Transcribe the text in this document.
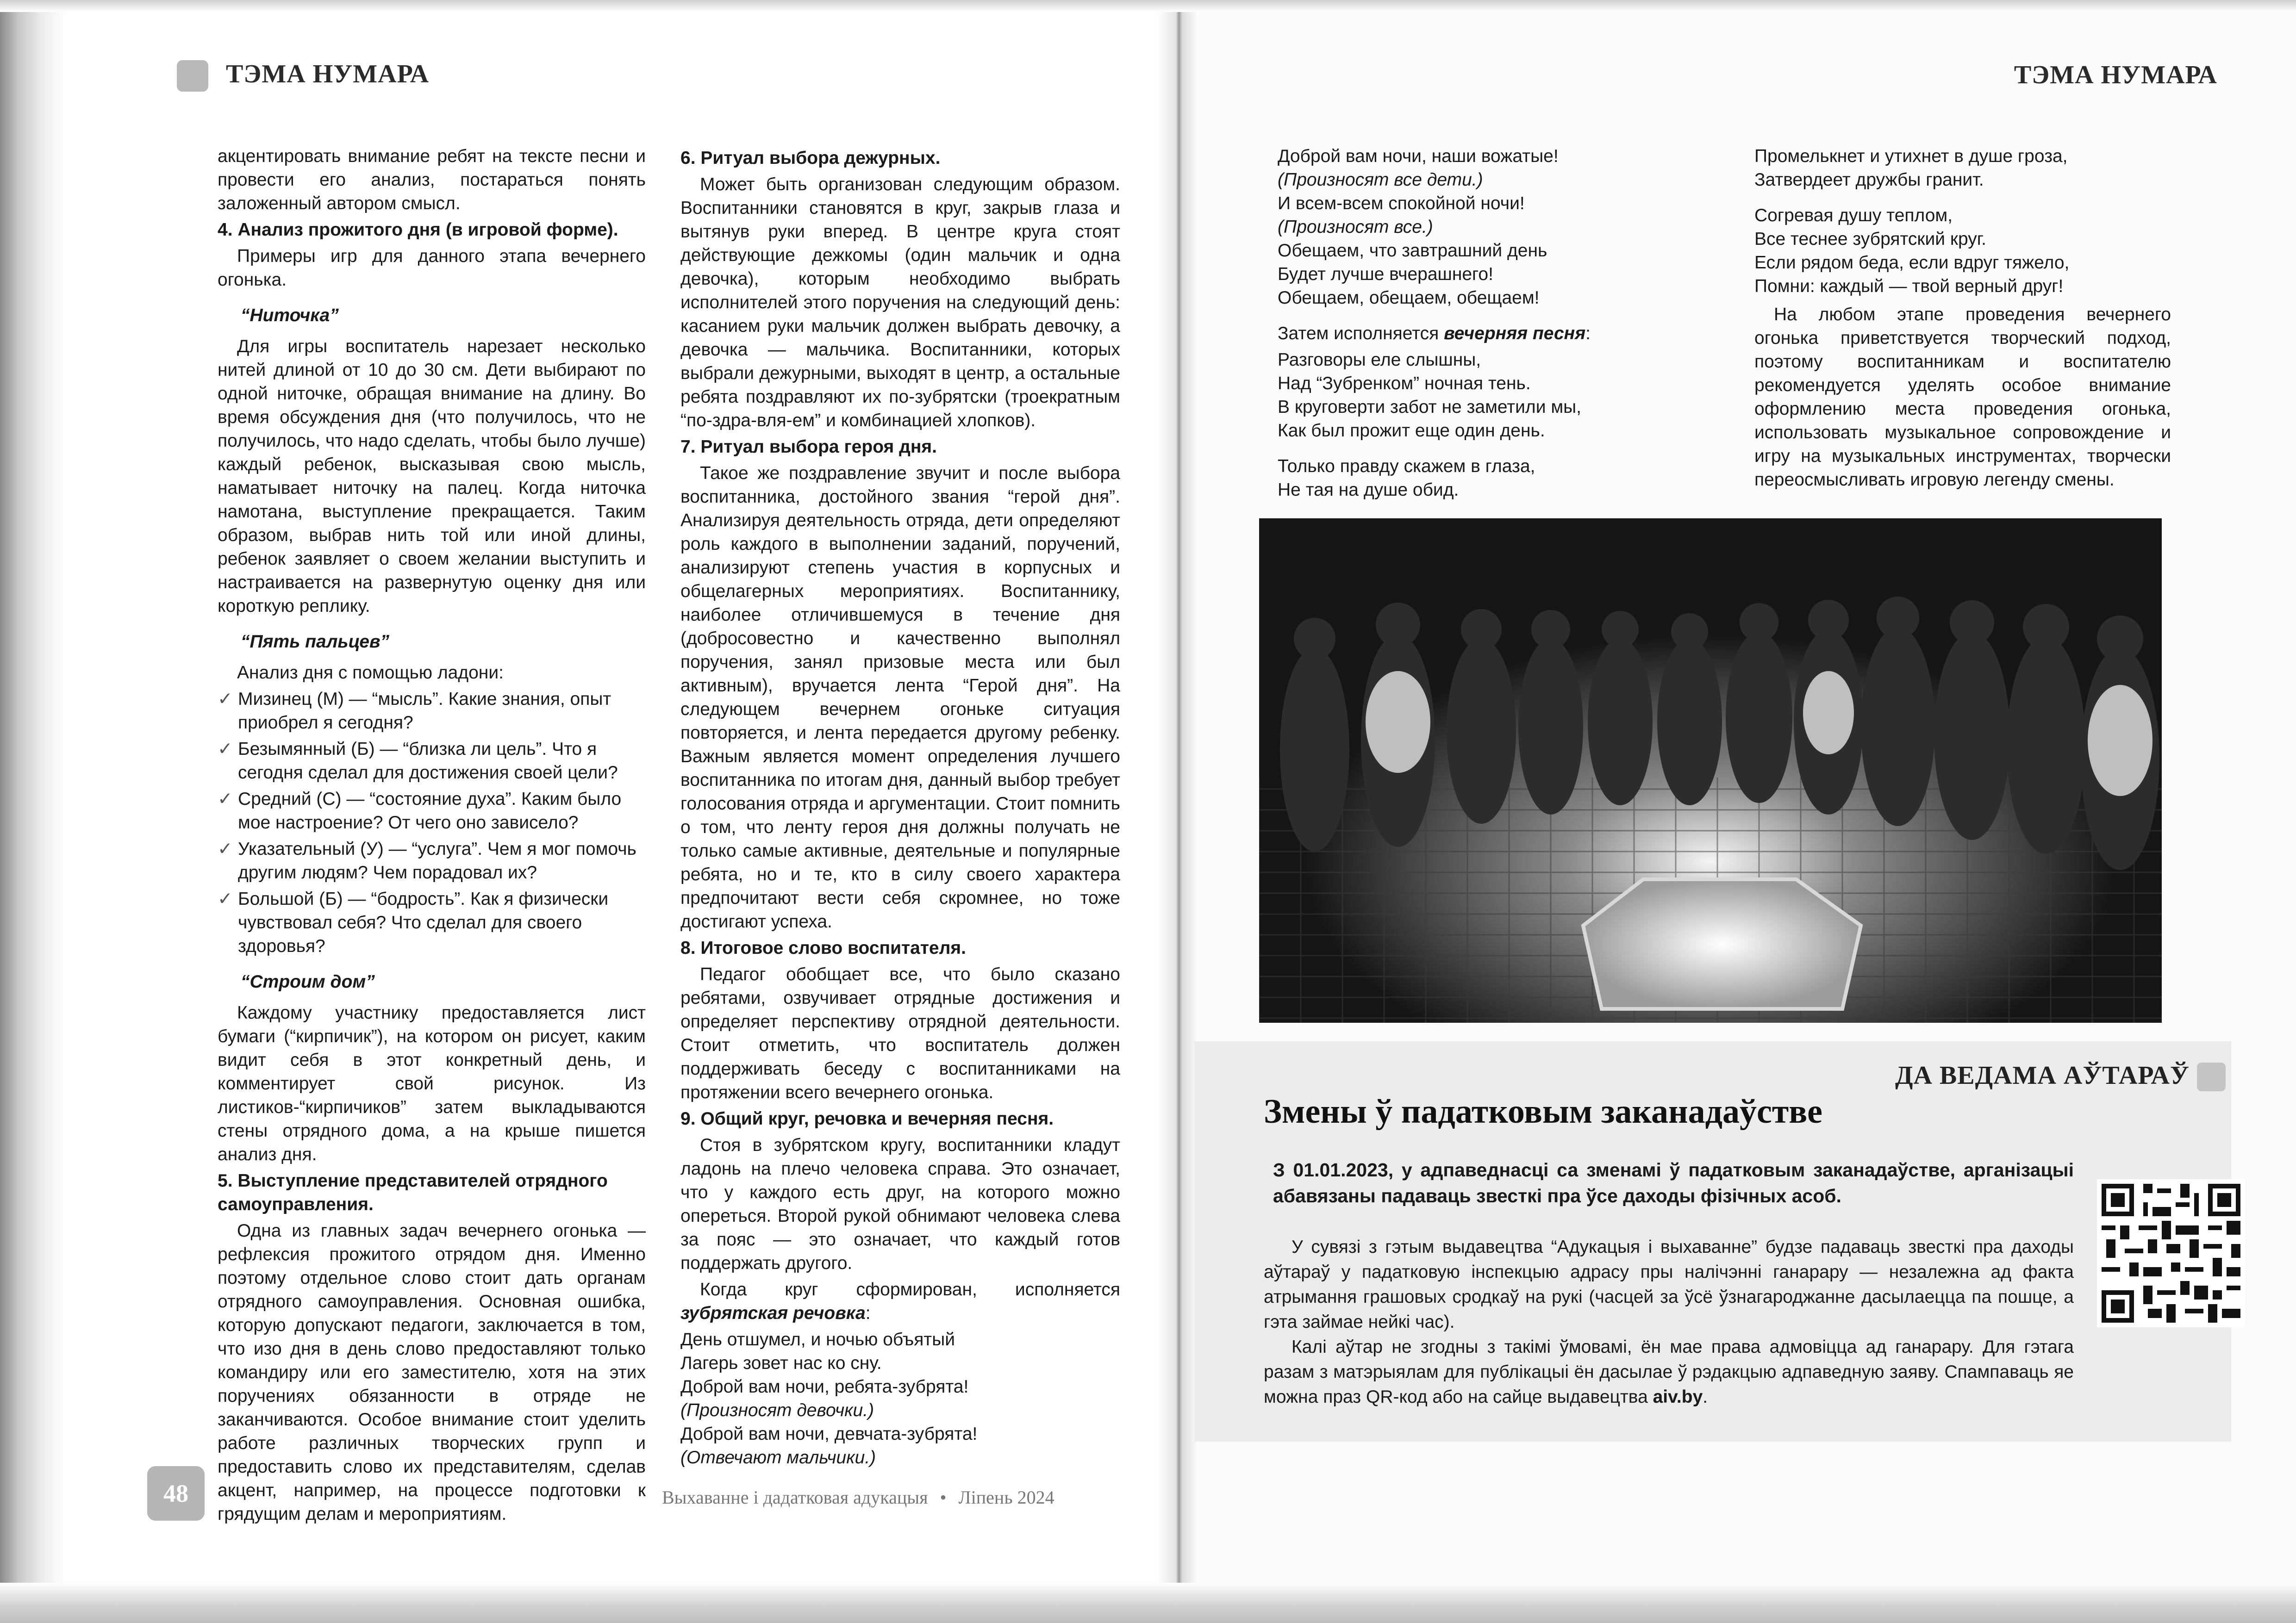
ТЭМА НУМАРА

акцентировать внимание ребят на тексте песни и провести его анализ, постараться понять заложенный автором смысл.

4. Анализ прожитого дня (в игровой форме).

Примеры игр для данного этапа вечернего огонька.

“Ниточка”

Для игры воспитатель нарезает несколько нитей длиной от 10 до 30 см. Дети выбирают по одной ниточке, обращая внимание на длину. Во время обсуждения дня (что получилось, что не получилось, что надо сделать, чтобы было лучше) каждый ребенок, высказывая свою мысль, наматывает ниточку на палец. Когда ниточка намотана, выступление прекращается. Таким образом, выбрав нить той или иной длины, ребенок заявляет о своем желании выступить и настраивается на развернутую оценку дня или короткую реплику.

“Пять пальцев”

Анализ дня с помощью ладони:

✓ Мизинец (М) — “мысль”. Какие знания, опыт приобрел я сегодня?
✓ Безымянный (Б) — “близка ли цель”. Что я сегодня сделал для достижения своей цели?
✓ Средний (С) — “состояние духа”. Каким было мое настроение? От чего оно зависело?
✓ Указательный (У) — “услуга”. Чем я мог помочь другим людям? Чем порадовал их?
✓ Большой (Б) — “бодрость”. Как я физически чувствовал себя? Что сделал для своего здоровья?

“Строим дом”

Каждому участнику предоставляется лист бумаги (“кирпичик”), на котором он рисует, каким видит себя в этот конкретный день, и комментирует свой рисунок. Из листиков-“кирпичиков” затем выкладываются стены отрядного дома, а на крыше пишется анализ дня.

5. Выступление представителей отрядного самоуправления.

Одна из главных задач вечернего огонька — рефлексия прожитого отрядом дня. Именно поэтому отдельное слово стоит дать органам отрядного самоуправления. Основная ошибка, которую допускают педагоги, заключается в том, что изо дня в день слово предоставляют только командиру или его заместителю, хотя на этих поручениях обязанности в отряде не заканчиваются. Особое внимание стоит уделить работе различных творческих групп и предоставить слово их представителям, сделав акцент, например, на процессе подготовки к грядущим делам и мероприятиям.

6. Ритуал выбора дежурных.

Может быть организован следующим образом. Воспитанники становятся в круг, закрыв глаза и вытянув руки вперед. В центре круга стоят действующие дежкомы (один мальчик и одна девочка), которым необходимо выбрать исполнителей этого поручения на следующий день: касанием руки мальчик должен выбрать девочку, а девочка — мальчика. Воспитанники, которых выбрали дежурными, выходят в центр, а остальные ребята поздравляют их по-зубрятски (троекратным “по-здра-вля-ем” и комбинацией хлопков).

7. Ритуал выбора героя дня.

Такое же поздравление звучит и после выбора воспитанника, достойного звания “герой дня”. Анализируя деятельность отряда, дети определяют роль каждого в выполнении заданий, поручений, анализируют степень участия в корпусных и общелагерных мероприятиях. Воспитаннику, наиболее отличившемуся в течение дня (добросовестно и качественно выполнял поручения, занял призовые места или был активным), вручается лента “Герой дня”. На следующем вечернем огоньке ситуация повторяется, и лента передается другому ребенку. Важным является момент определения лучшего воспитанника по итогам дня, данный выбор требует голосования отряда и аргументации. Стоит помнить о том, что ленту героя дня должны получать не только самые активные, деятельные и популярные ребята, но и те, кто в силу своего характера предпочитают вести себя скромнее, но тоже достигают успеха.

8. Итоговое слово воспитателя.

Педагог обобщает все, что было сказано ребятами, озвучивает отрядные достижения и определяет перспективу отрядной деятельности. Стоит отметить, что воспитатель должен поддерживать беседу с воспитанниками на протяжении всего вечернего огонька.

9. Общий круг, речовка и вечерняя песня.

Стоя в зубрятском кругу, воспитанники кладут ладонь на плечо человека справа. Это означает, что у каждого есть друг, на которого можно опереться. Второй рукой обнимают человека слева за пояс — это означает, что каждый готов поддержать другого.

Когда круг сформирован, исполняется зубрятская речовка:

День отшумел, и ночью объятый
Лагерь зовет нас ко сну.
Доброй вам ночи, ребята-зубрята!
(Произносят девочки.)
Доброй вам ночи, девчата-зубрята!
(Отвечают мальчики.)
48	Выхаванне і дадатковая адукацыя • Ліпень 2024
ТЭМА НУМАРА
Доброй вам ночи, наши вожатые!
(Произносят все дети.)
И всем-всем спокойной ночи!
(Произносят все.)
Обещаем, что завтрашний день
Будет лучше вчерашнего!
Обещаем, обещаем, обещаем!

Затем исполняется вечерняя песня:

Разговоры еле слышны,
Над “Зубренком” ночная тень.
В круговерти забот не заметили мы,
Как был прожит еще один день.
Только правду скажем в глаза,
Не тая на душе обид.
Промелькнет и утихнет в душе гроза,
Затвердеет дружбы гранит.
Согревая душу теплом,
Все теснее зубрятский круг.
Если рядом беда, если вдруг тяжело,
Помни: каждый — твой верный друг!

На любом этапе проведения вечернего огонька приветствуется творческий подход, поэтому воспитанникам и воспитателю рекомендуется уделять особое внимание оформлению места проведения огонька, использовать музыкальное сопровождение и игру на музыкальных инструментах, творчески переосмысливать игровую легенду смены.

ДА ВЕДАМА АЎТАРАЎ
Змены ў падатковым заканадаўстве
З 01.01.2023, у адпаведнасці са зменамі ў падатковым заканадаўстве, арганізацыі абавязаны падаваць звесткі пра ўсе даходы фізічных асоб.

У сувязі з гэтым выдавецтва “Адукацыя і выхаванне” будзе падаваць звесткі пра даходы аўтараў у падатковую інспекцыю адрасу пры налічэнні ганарару — незалежна ад факта атрымання грашовых сродкаў на рукі (часцей за ўсё ўзнагароджанне дасылаецца па пошце, а гэта займае нейкі час).

Калі аўтар не згодны з такімі ўмовамі, ён мае права адмовіцца ад ганарару. Для гэтага разам з матэрыялам для публікацыі ён дасылае ў рэдакцыю адпаведную заяву. Спампаваць яе можна праз QR-код або на сайце выдавецтва aiv.by.
